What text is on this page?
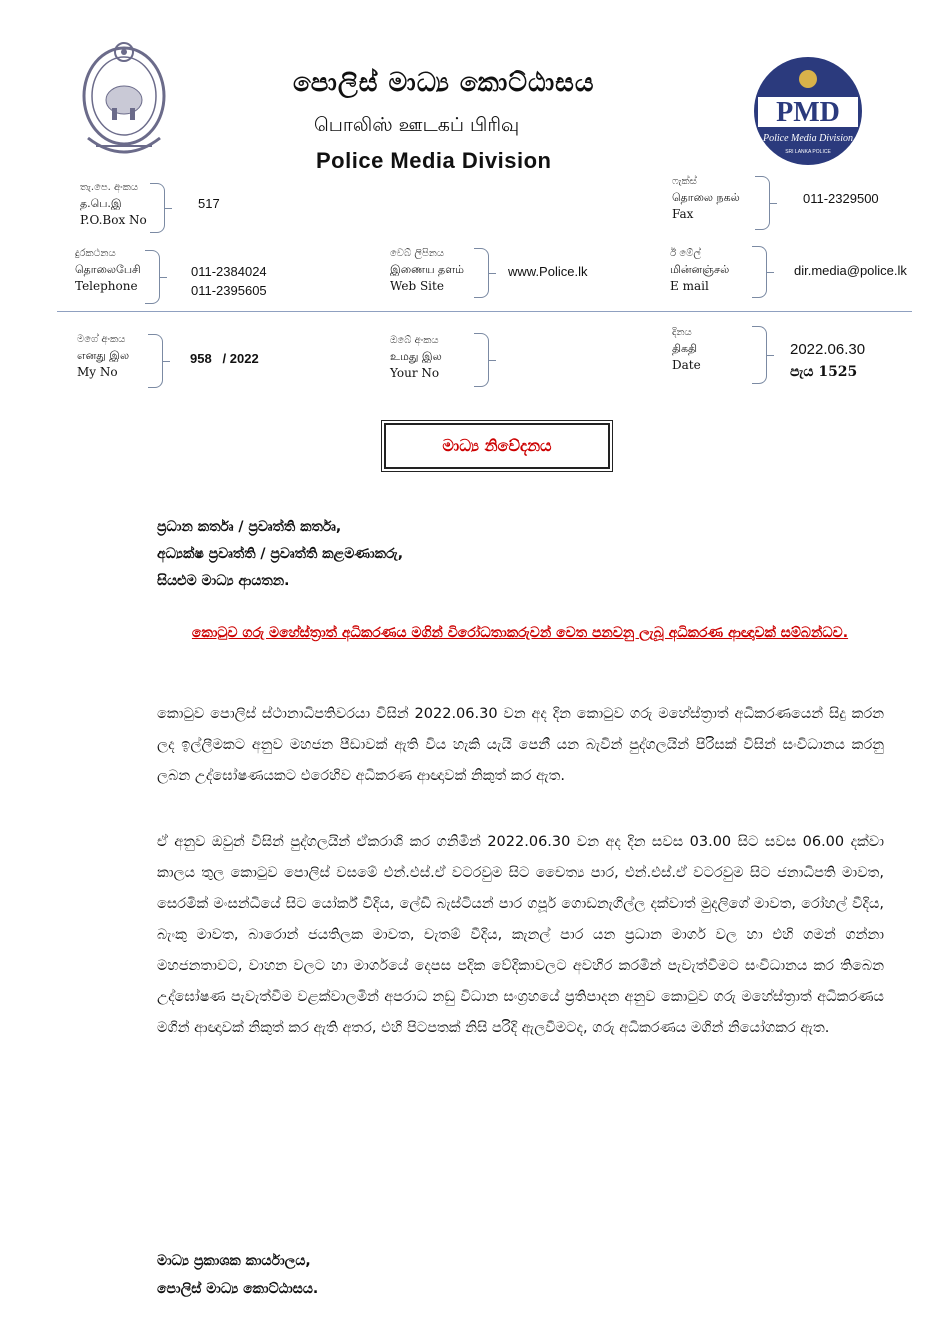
පොලිස් මාධ්‍ය කොට්ඨාසය
பொலிஸ் ஊடகப் பிரிவு
Police Media Division
PMD
Police Media Division
SRI LANKA POLICE
තැ.පෙ. අංකය
த.பெ.இ
P.O.Box No
517
ෆැක්ස්
தொலை நகல்
Fax
011-2329500
දුරකථනය
தொலைபேசி
Telephone
011-2384024
011-2395605
වෙබ් ලිපිනය
இணைய தளம்
Web Site
www.Police.lk
ඊ මේල්
மின்னஞ்சல்
E mail
dir.media@police.lk
මගේ අංකය
எனது இல
My No
958   / 2022
ඔබේ අංකය
உமது இல
Your No
දිනය
திகதி
Date
2022.06.30
පැය 1525
මාධ්‍ය නිවේදනය
ප්‍රධාන කර්තෘ / ප්‍රවෘත්ති කර්තෘ,
අධ්‍යක්ෂ ප්‍රවෘත්ති / ප්‍රවෘත්ති කළමණාකරු,
සියළුම මාධ්‍ය ආයතන.
කොටුව ගරු මහේස්ත්‍රාත් අධිකරණය මගින් විරෝධතාකරුවන් වෙත පනවනු ලැබූ අධිකරණ ආඥාවක් සම්බන්ධව.
කොටුව පොලිස් ස්ථානාධිපතිවරයා විසින් 2022.06.30 වන අද දින කොටුව ගරු මහේස්ත්‍රාත් අධිකරණයෙන් සිදු කරන ලද ඉල්ලීමකට අනුව මහජන පීඩාවක් ඇති විය හැකි යැයි පෙනී යන බැවින් පුද්ගලයින් පිරිසක් විසින් සංවිධානය කරනු ලබන උද්ඝෝෂණයකට එරෙහිව අධිකරණ ආඥාවක් නිකුත් කර ඇත.
ඒ අනුව ඔවුන් විසින් පුද්ගලයින් ඒකරාශි කර ගනිමින් 2022.06.30 වන අද දින සවස 03.00 සිට සවස 06.00 දක්වා කාලය තුල කොටුව පොලිස් වසමේ එන්.එස්.ඒ වටරවුම සිට චෛත්‍ය පාර, එන්.එස්.ඒ වටරවුම සිට ජනාධිපති මාවත, සෙරමික් මංසන්ධියේ සිට යෝර්ක් වීදිය, ලේඩි බැස්ටියන් පාර ගපූර් ගොඩනැගිල්ල දක්වාත් මුදලිගේ මාවත, රෝහල් වීදිය, බැංකු මාවත, බාරොන් ජයතිලක මාවත, චැතම් වීදිය, කැනල් පාර යන ප්‍රධාන මාර්ග වල හා එහි ගමන් ගන්නා මහජනතාවට, වාහන වලට හා මාර්ගයේ දෙපස පදික වේදිකාවලට අවහිර කරමින් පැවැත්වීමට සංවිධානය කර තිබෙන උද්ඝෝෂණ පැවැත්වීම වළක්වාලමින් අපරාධ නඩු විධාන සංග්‍රහයේ ප්‍රතිපාදන අනුව කොටුව ගරු මහේස්ත්‍රාත් අධිකරණය මගින් ආඥාවක් නිකුත් කර ඇති අතර, එහි පිටපතක් නිසි පරිදි ඇලවීමටද, ගරු අධිකරණය මගින් නියෝගකර ඇත.
මාධ්‍ය ප්‍රකාශක කාර්යාලය,
පොලිස් මාධ්‍ය කොට්ඨාසය.
